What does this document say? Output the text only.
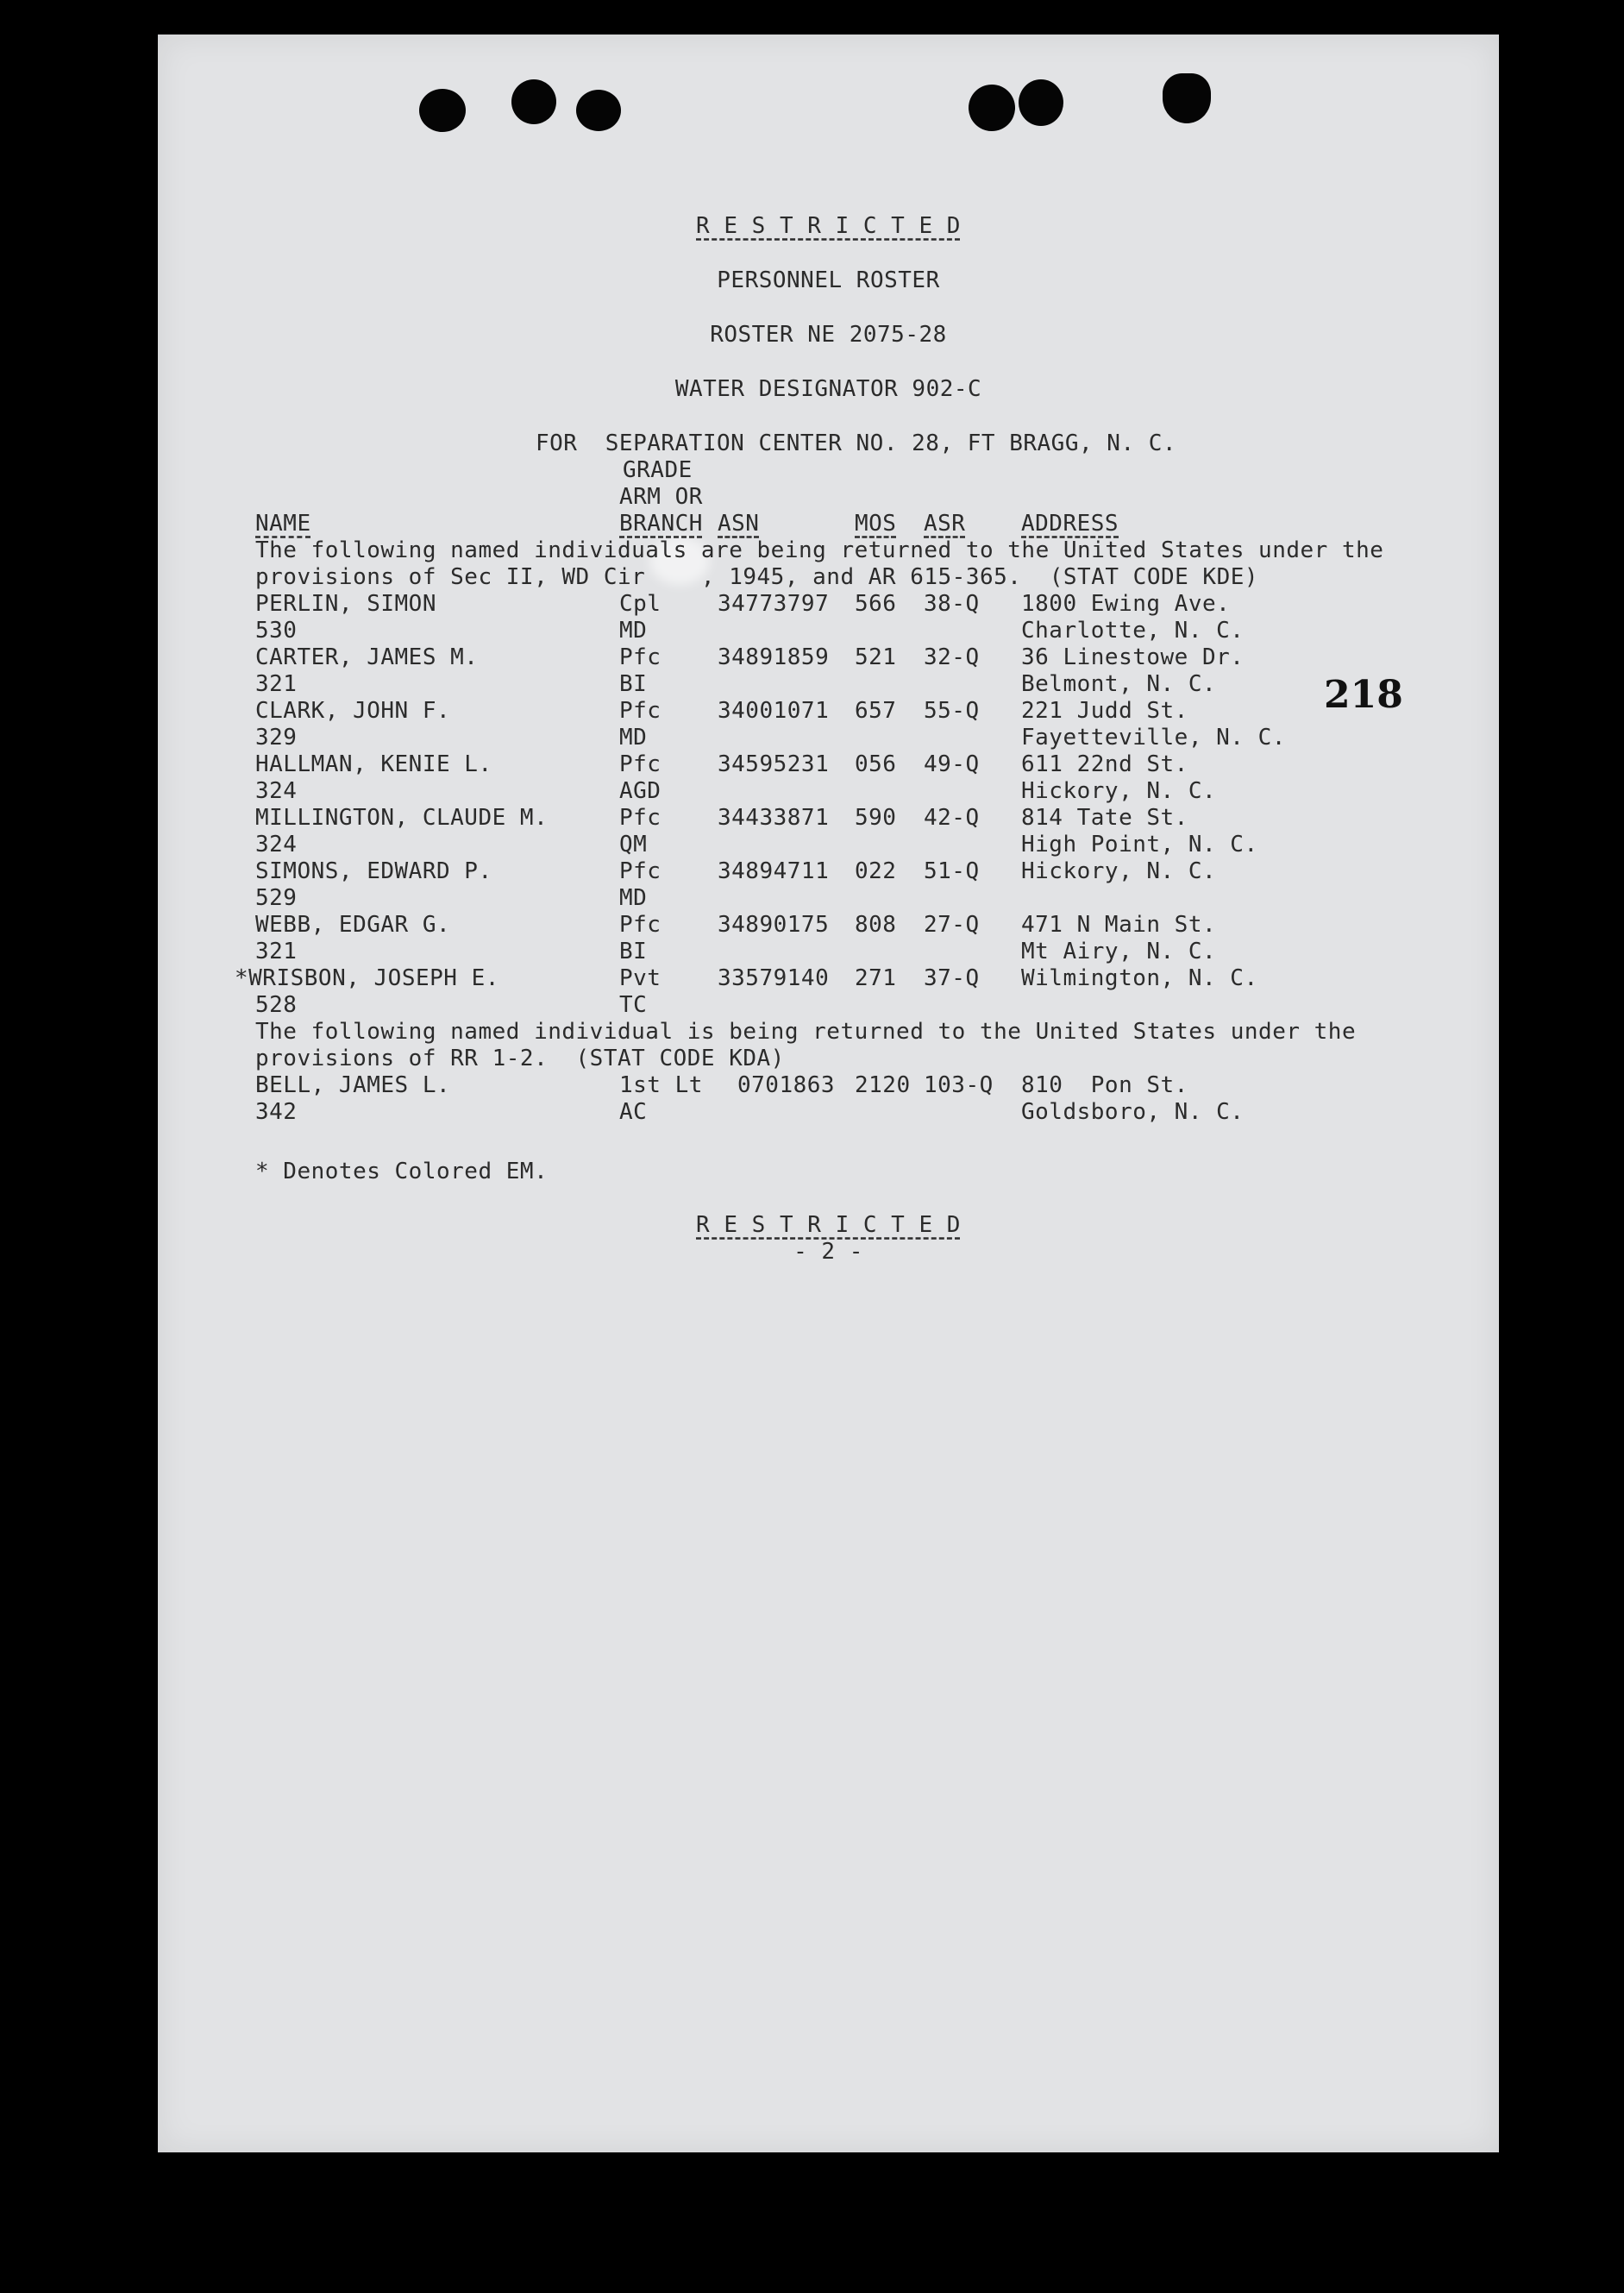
R E S T R I C T E D
PERSONNEL ROSTER
ROSTER NE 2075-28
WATER DESIGNATOR 902-C
FOR  SEPARATION CENTER NO. 28, FT BRAGG, N. C.
GRADE
ARM OR
NAME	BRANCH ASN	MOS ASR ADDRESS
The following named individuals are being returned to the United States under the
provisions of Sec II, WD Cir    , 1945, and AR 615-365.  (STAT CODE KDE)
PERLIN, SIMON	Cpl	34773797 566 38-Q 1800 Ewing Ave.
530	MD	Charlotte, N. C.
CARTER, JAMES M.	Pfc	34891859 521 32-Q 36 Linestowe Dr.
321	BI	Belmont, N. C.
CLARK, JOHN F.	Pfc	34001071 657 55-Q 221 Judd St.
329	MD	Fayetteville, N. C.
HALLMAN, KENIE L.	Pfc	34595231 056 49-Q 611 22nd St.
324	AGD	Hickory, N. C.
MILLINGTON, CLAUDE M.	Pfc	34433871 590 42-Q 814 Tate St.
324	QM	High Point, N. C.
SIMONS, EDWARD P.	Pfc	34894711 022 51-Q Hickory, N. C.
529	MD
WEBB, EDGAR G.	Pfc	34890175 808 27-Q 471 N Main St.
321	BI	Mt Airy, N. C.
*WRISBON, JOSEPH E.	Pvt	33579140 271 37-Q Wilmington, N. C.
528	TC
The following named individual is being returned to the United States under the
provisions of RR 1-2.  (STAT CODE KDA)
BELL, JAMES L.	1st Lt 0701863 2120 103-Q 810  Pon St.
342	AC	Goldsboro, N. C.
* Denotes Colored EM.
R E S T R I C T E D
- 2 -
218
